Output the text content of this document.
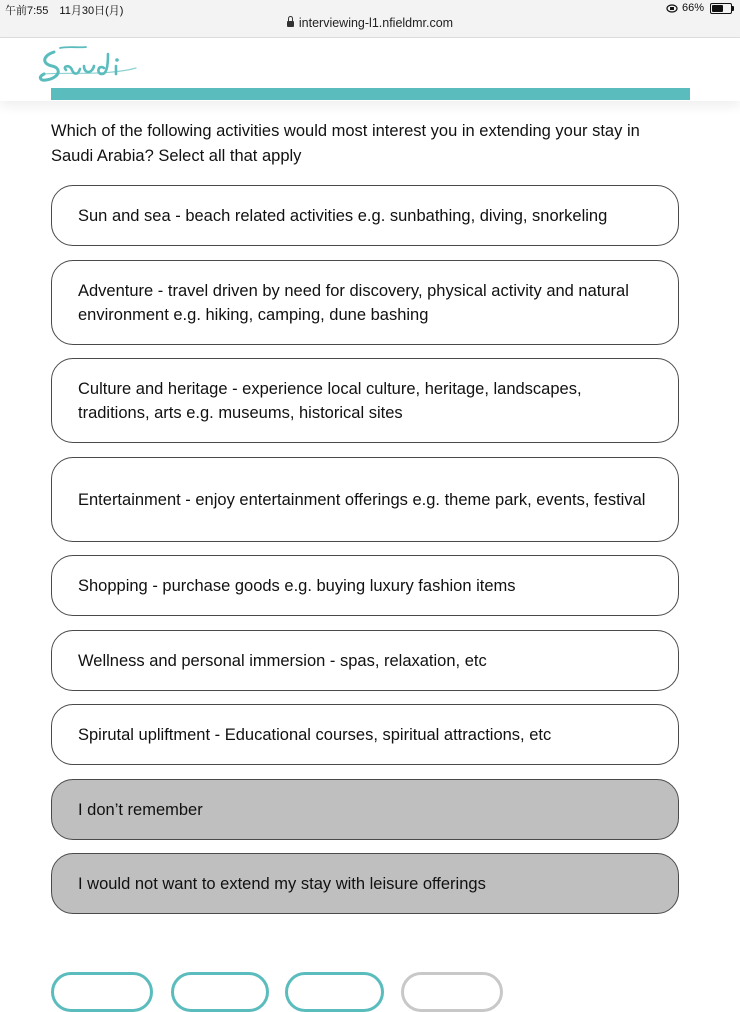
午前7:55　11月30日(月)	66%
interviewing-l1.nfieldmr.com
Which of the following activities would most interest you in extending your stay in Saudi Arabia? Select all that apply
Sun and sea - beach related activities e.g. sunbathing, diving, snorkeling
Adventure - travel driven by need for discovery, physical activity and natural environment e.g. hiking, camping, dune bashing
Culture and heritage - experience local culture, heritage, landscapes, traditions, arts e.g. museums, historical sites
Entertainment - enjoy entertainment offerings e.g. theme park, events, festival
Shopping - purchase goods e.g. buying luxury fashion items
Wellness and personal immersion - spas, relaxation, etc
Spirutal upliftment - Educational courses, spiritual attractions, etc
I don’t remember
I would not want to extend my stay with leisure offerings
